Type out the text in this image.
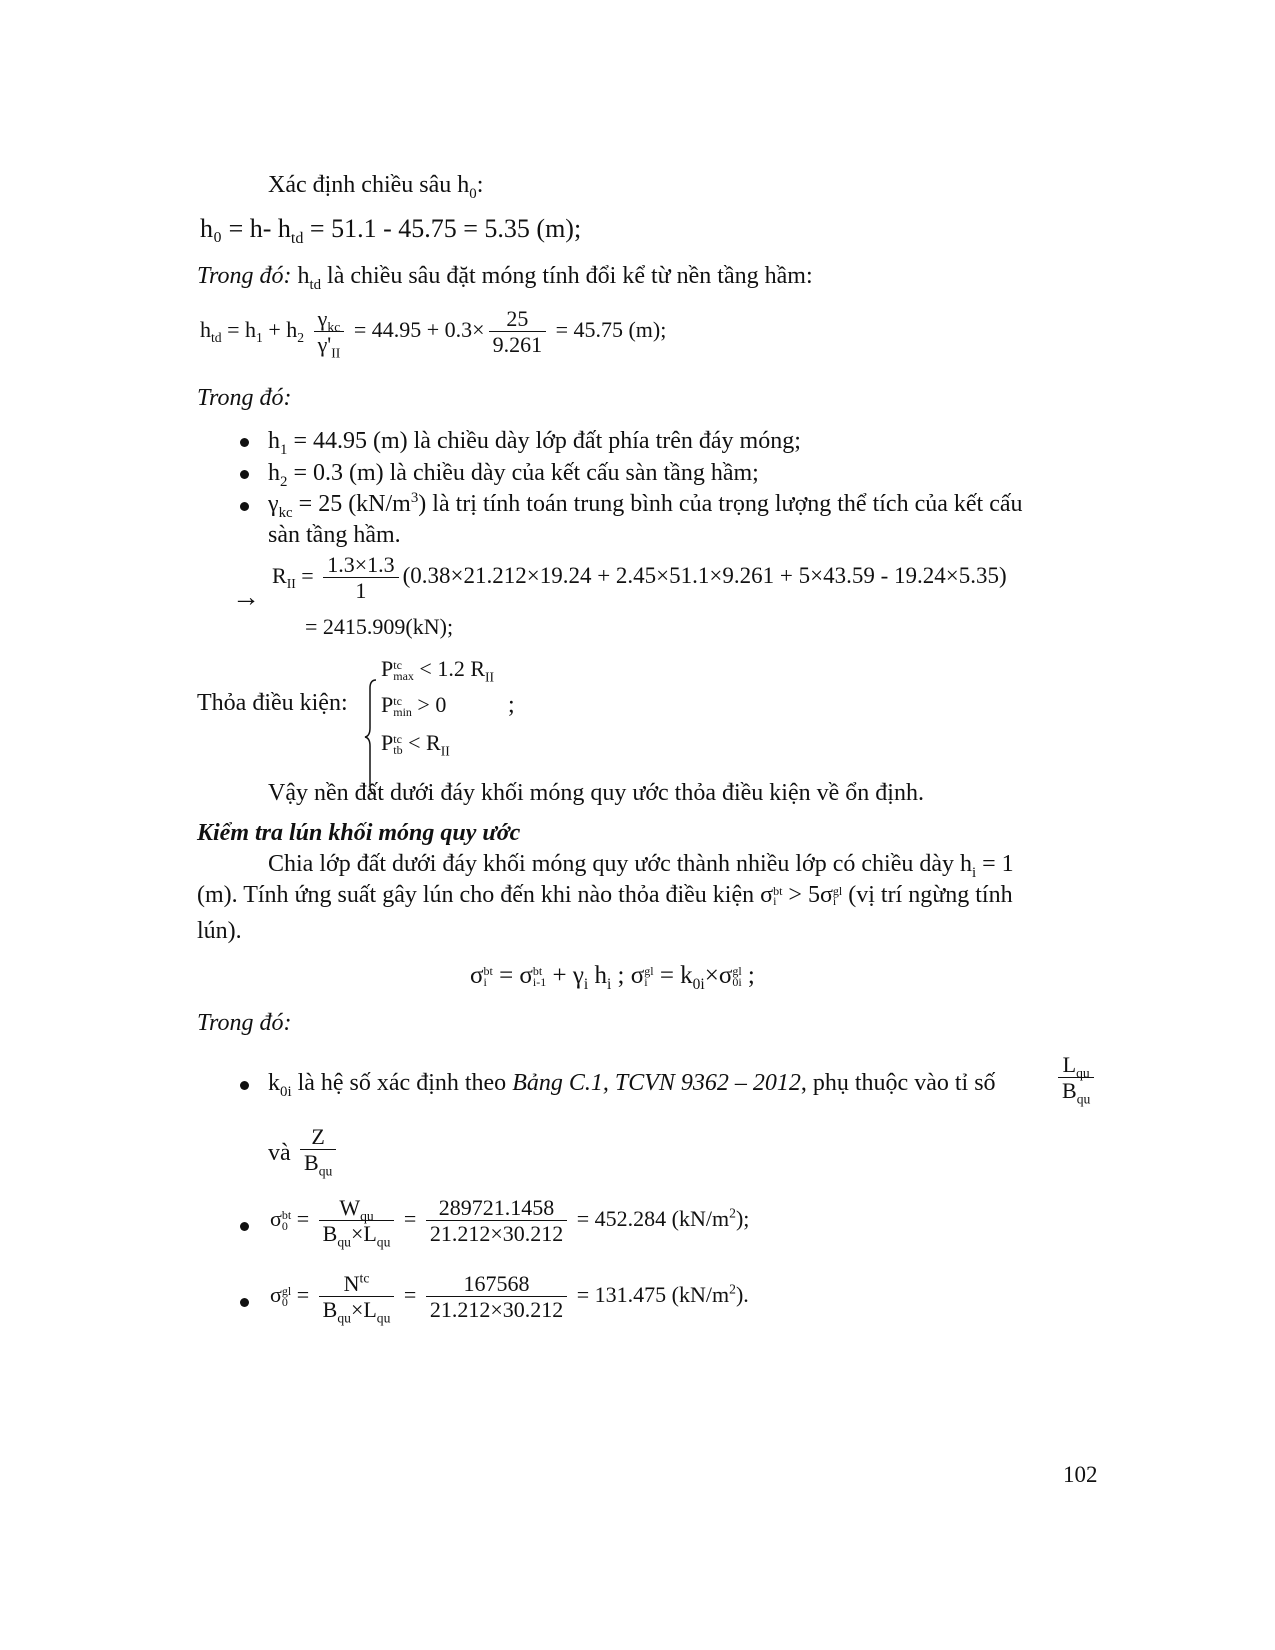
Xác định chiều sâu $h_0$:
h₀ = h- $h_{td} = 51.1 - 45.75 = 5.35$ (m);
Trong đó: $h_{td}$ là chiều sâu đặt móng tính đổi kể từ nền tầng hầm:
$h_{td} = h_1 + h_2 \frac{\gamma_{kc}}{\gamma'_{II}} = 44.95 + 0.3\times \frac{25}{9.261} = 45.75$ (m);
Trong đó:
$h_1 = 44.95$ (m) là chiều dày lớp đất phía trên đáy móng;
$h_2 = 0.3$ (m) là chiều dày của kết cấu sàn tầng hầm;
$\gamma_{kc} = 25$ $(kN/m^3)$ là trị tính toán trung bình của trọng lượng thể tích của kết cấu
sàn tầng hầm.
→
$R_{II} = \frac{1.3\times 1.3}{1} (0.38\times 21.212\times 19.24 + 2.45\times 51.1\times 9.261 + 5\times 43.59 - 19.24\times 5.35)$
= 2415.909(kN);
Thỏa điều kiện:
P tc
max < 1.2 $R_{II}$
P tc
min > 0
P tc
tb < $R_{II}$
;
Vậy nền đất dưới đáy khối móng quy ước thỏa điều kiện về ổn định.
Kiểm tra lún khối móng quy ước
Chia lớp đất dưới đáy khối móng quy ước thành nhiều lớp có chiều dày $h_i = 1$
(m). Tính ứng suất gây lún cho đến khi nào thỏa điều kiện σ bt
i > 5σ gl
i (vị trí ngừng tính
lún).
σ bt
i = σ bt
$i-1 + \gamma_i$ $h_i$ ; σ gl
$i = k_{0i}\times\sigma$ gl
0i ;
Trong đó:
$k_{0i}$ là hệ số xác định theo Bảng C.1, TCVN 9362 – 2012, phụ thuộc vào tỉ số	$\frac{L_{qu}}{B_{qu}}$
và $\frac{Z}{B_{qu}}$
σ bt
$0 = \frac{W_{qu}}{B_{qu}\times L_{qu}} = \frac{289721.1458}{21.212\times 30.212} = 452.284$ $(kN/m^2)$;
σ gl
$0 = \frac{N^{tc}}{B_{qu}\times L_{qu}} = \frac{167568}{21.212\times 30.212} = 131.475$ $(kN/m^2)$.
102
